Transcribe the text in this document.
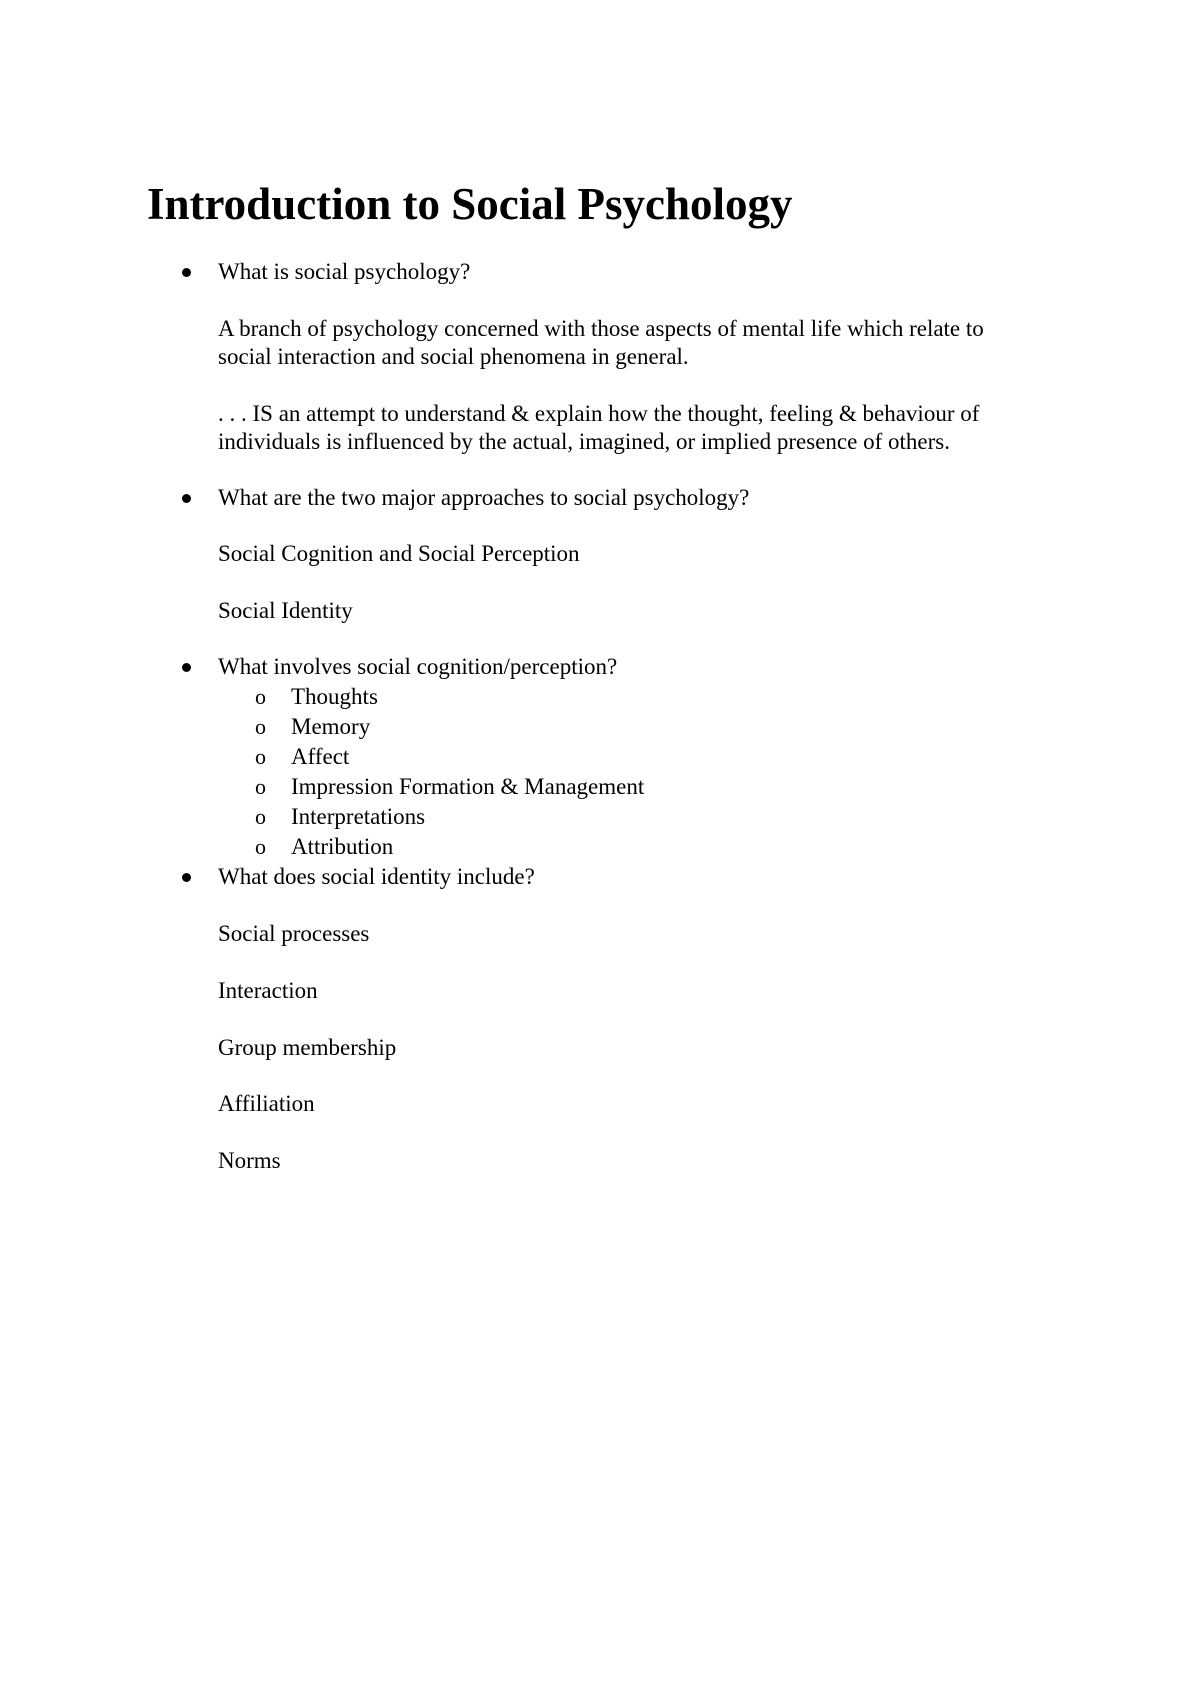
Introduction to Social Psychology
What is social psychology?
A branch of psychology concerned with those aspects of mental life which relate to
social interaction and social phenomena in general.
. . . IS an attempt to understand & explain how the thought, feeling & behaviour of
individuals is influenced by the actual, imagined, or implied presence of others.
What are the two major approaches to social psychology?
Social Cognition and Social Perception
Social Identity
What involves social cognition/perception?
o Thoughts
o Memory
o Affect
o Impression Formation & Management
o Interpretations
o Attribution
What does social identity include?
Social processes
Interaction
Group membership
Affiliation
Norms
